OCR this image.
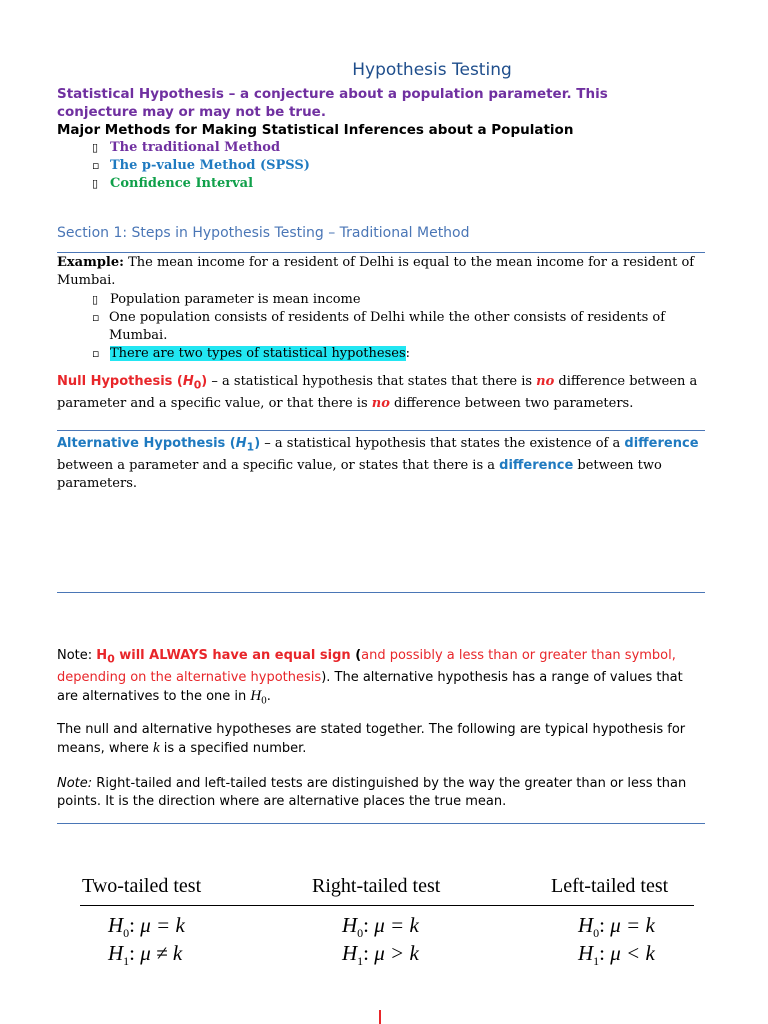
Hypothesis Testing
Statistical Hypothesis – a conjecture about a population parameter. This conjecture may or may not be true.
Major Methods for Making Statistical Inferences about a Population
▯ The traditional Method
▫ The p-value Method (SPSS)
▯ Confidence Interval
Section 1: Steps in Hypothesis Testing – Traditional Method
Example: The mean income for a resident of Delhi is equal to the mean income for a resident of Mumbai.
▯ Population parameter is mean income
▫ One population consists of residents of Delhi while the other consists of residents of Mumbai.
▫ There are two types of statistical hypotheses:
Null Hypothesis $(H_0)$ – a statistical hypothesis that states that there is no difference between a parameter and a specific value, or that there is no difference between two parameters.
Alternative Hypothesis $(H_1)$ – a statistical hypothesis that states the existence of a difference between a parameter and a specific value, or states that there is a difference between two parameters.
Note: $H_0$ will ALWAYS have an equal sign (and possibly a less than or greater than symbol, depending on the alternative hypothesis). The alternative hypothesis has a range of values that are alternatives to the one in $H_0$.
The null and alternative hypotheses are stated together. The following are typical hypothesis for means, where k is a specified number.
Note: Right-tailed and left-tailed tests are distinguished by the way the greater than or less than points. It is the direction where are alternative places the true mean.
Two-tailed test	Right-tailed test	Left-tailed test
$H_0$: μ = k
$H_1$: μ ≠ k
$H_0$: μ = k
$H_1$: μ > k
$H_0$: μ = k
$H_1$: μ < k
